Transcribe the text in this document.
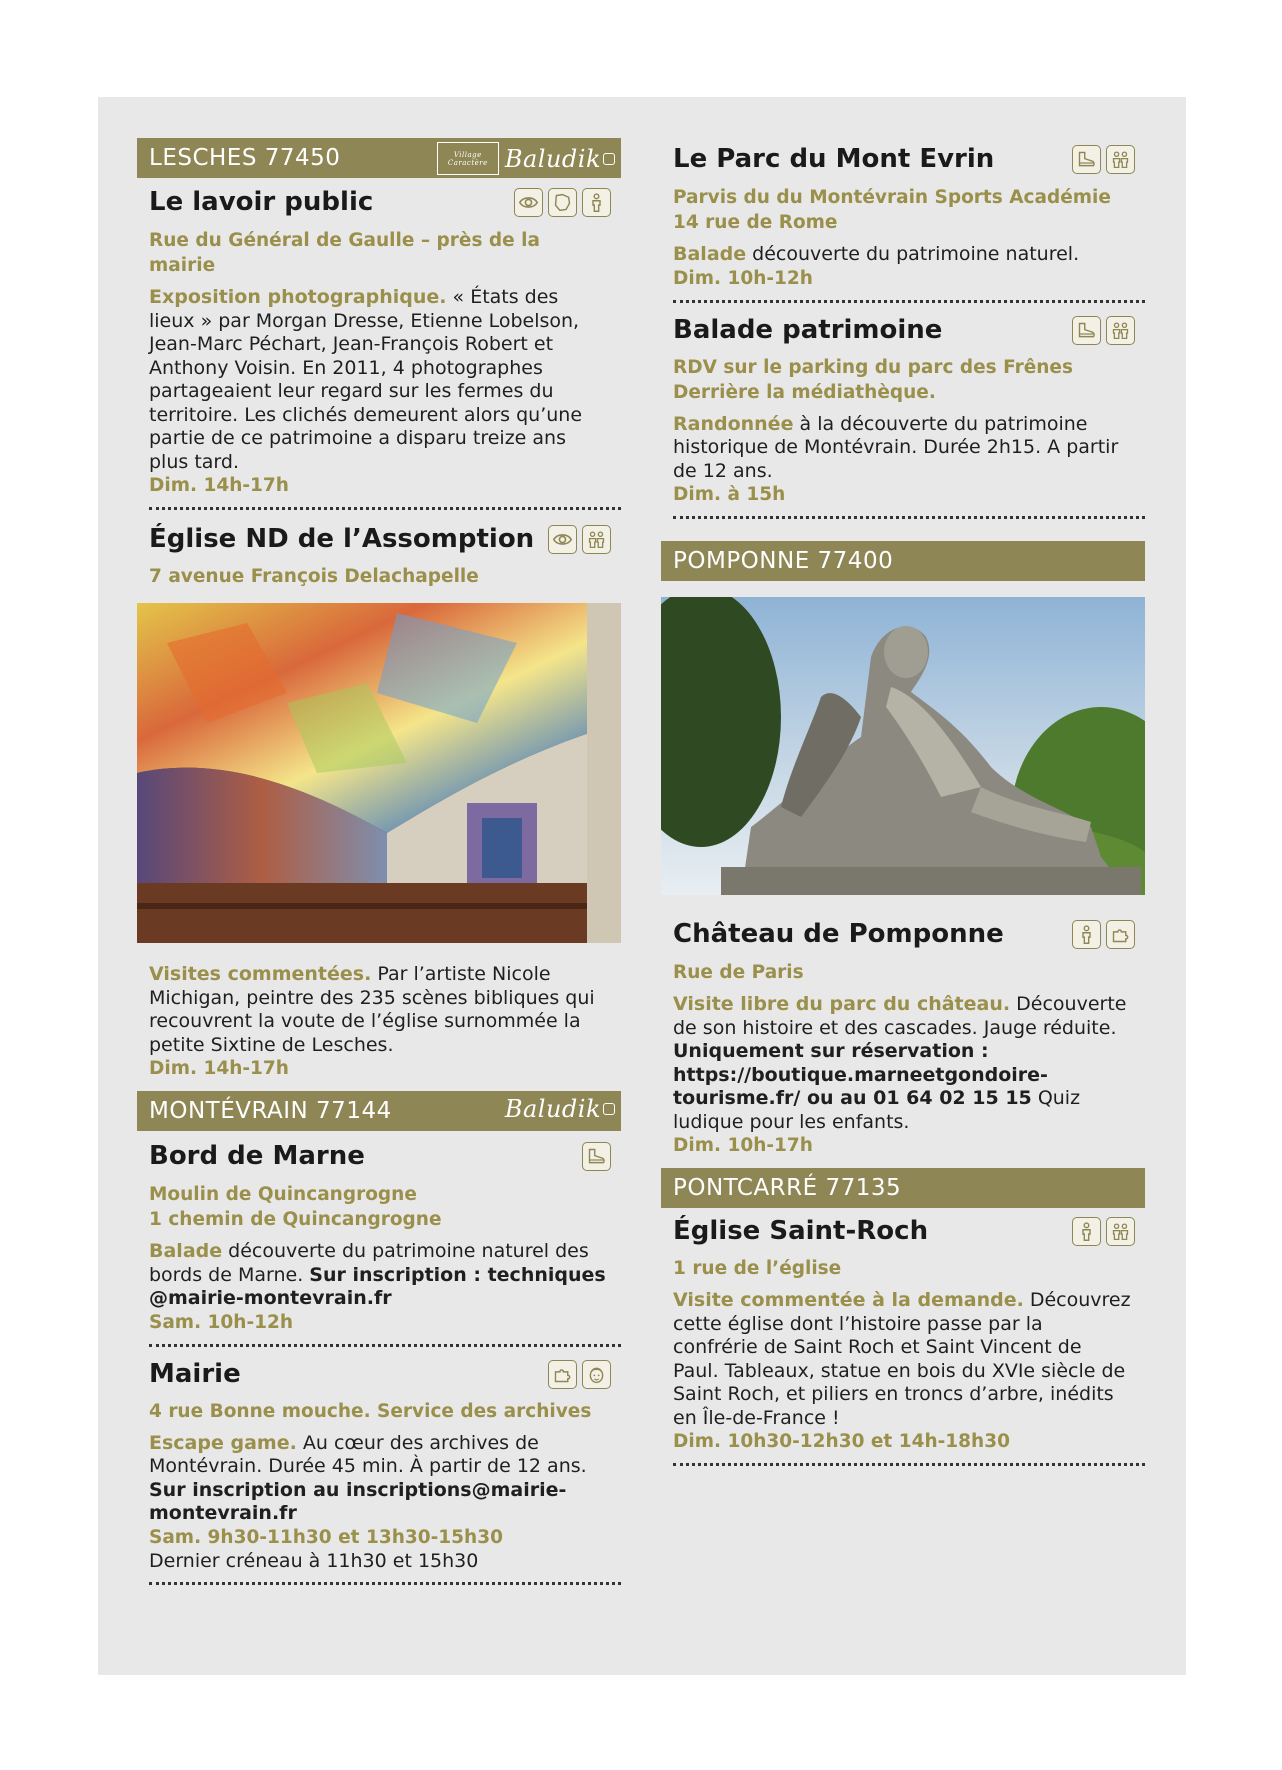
LESCHES 77450	Village Caractère Baludik
Le lavoir public
Rue du Général de Gaulle – près de la mairie
Exposition photographique. « États des lieux » par Morgan Dresse, Etienne Lobelson, Jean-Marc Péchart, Jean-François Robert et Anthony Voisin. En 2011, 4 photographes partageaient leur regard sur les fermes du territoire. Les clichés demeurent alors qu’une partie de ce patrimoine a disparu treize ans plus tard.
Dim. 14h-17h
Église ND de l’Assomption
7 avenue François Delachapelle
Visites commentées. Par l’artiste Nicole Michigan, peintre des 235 scènes bibliques qui recouvrent la voute de l’église surnommée la petite Sixtine de Lesches.
Dim. 14h-17h
MONTÉVRAIN 77144	Baludik
Bord de Marne
Moulin de Quincangrogne
1 chemin de Quincangrogne
Balade découverte du patrimoine naturel des bords de Marne. Sur inscription : techniques @mairie-montevrain.fr
Sam. 10h-12h
Mairie
4 rue Bonne mouche. Service des archives
Escape game. Au cœur des archives de Montévrain. Durée 45 min. À partir de 12 ans. Sur inscription au inscriptions@mairie-montevrain.fr
Sam. 9h30-11h30 et 13h30-15h30
Dernier créneau à 11h30 et 15h30
Le Parc du Mont Evrin
Parvis du du Montévrain Sports Académie
14 rue de Rome
Balade découverte du patrimoine naturel.
Dim. 10h-12h
Balade patrimoine
RDV sur le parking du parc des Frênes
Derrière la médiathèque.
Randonnée à la découverte du patrimoine historique de Montévrain. Durée 2h15. A partir de 12 ans.
Dim. à 15h
POMPONNE 77400
Château de Pomponne
Rue de Paris
Visite libre du parc du château. Découverte de son histoire et des cascades. Jauge réduite. Uniquement sur réservation : https://boutique.marneetgondoire-tourisme.fr/ ou au 01 64 02 15 15 Quiz ludique pour les enfants.
Dim. 10h-17h
PONTCARRÉ 77135
Église Saint-Roch
1 rue de l’église
Visite commentée à la demande. Découvrez cette église dont l’histoire passe par la confrérie de Saint Roch et Saint Vincent de Paul. Tableaux, statue en bois du XVIe siècle de Saint Roch, et piliers en troncs d’arbre, inédits en Île-de-France !
Dim. 10h30-12h30 et 14h-18h30
